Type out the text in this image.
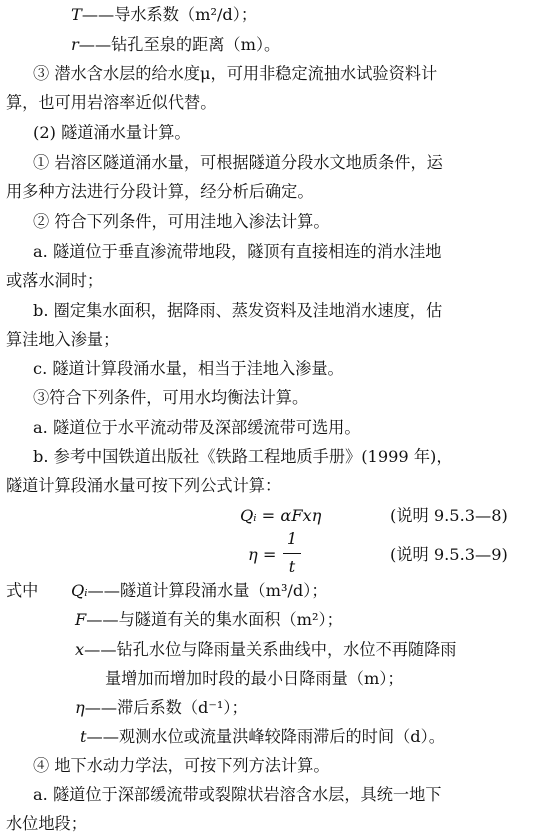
T——导水系数（m²/d）；
r——钻孔至泉的距离（m）。
③ 潜水含水层的给水度μ，可用非稳定流抽水试验资料计
算，也可用岩溶率近似代替。
(2) 隧道涌水量计算。
① 岩溶区隧道涌水量，可根据隧道分段水文地质条件，运
用多种方法进行分段计算，经分析后确定。
② 符合下列条件，可用洼地入渗法计算。
a. 隧道位于垂直渗流带地段，隧顶有直接相连的消水洼地
或落水洞时；
b. 圈定集水面积，据降雨、蒸发资料及洼地消水速度，估
算洼地入渗量；
c. 隧道计算段涌水量，相当于洼地入渗量。
③符合下列条件，可用水均衡法计算。
a. 隧道位于水平流动带及深部缓流带可选用。
b. 参考中国铁道出版社《铁路工程地质手册》(1999 年)，
隧道计算段涌水量可按下列公式计算：
Qᵢ = αFxη	(说明 9.5.3—8)
η =
1
t
(说明 9.5.3—9)
式中 Qᵢ——隧道计算段涌水量（m³/d）；
F——与隧道有关的集水面积（m²）；
x——钻孔水位与降雨量关系曲线中，水位不再随降雨
量增加而增加时段的最小日降雨量（m）；
η——滞后系数（d⁻¹）；
t——观测水位或流量洪峰较降雨滞后的时间（d）。
④ 地下水动力学法，可按下列方法计算。
a. 隧道位于深部缓流带或裂隙状岩溶含水层，具统一地下
水位地段；
